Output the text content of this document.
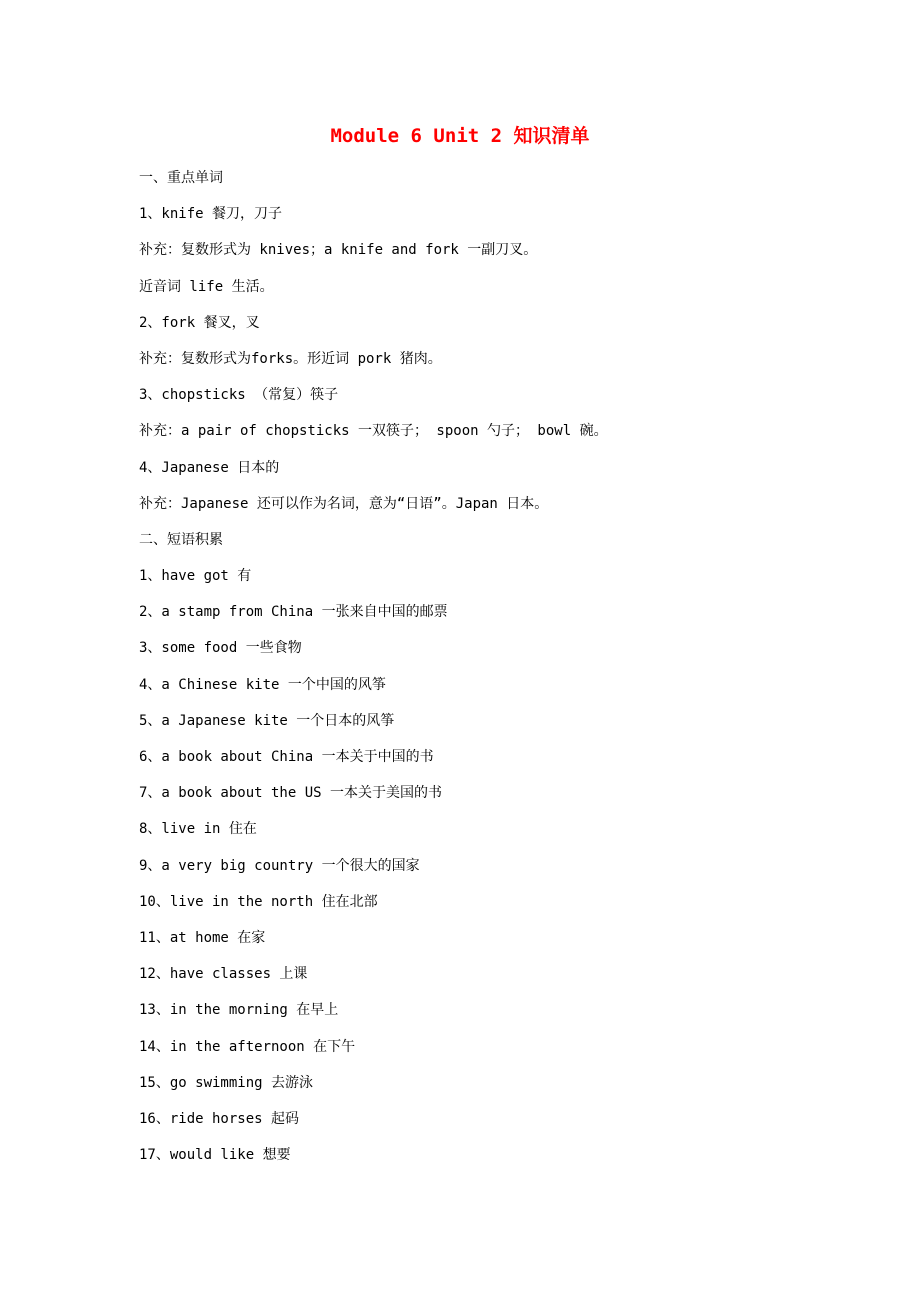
Module 6 Unit 2 知识清单
一、重点单词
1、knife 餐刀，刀子
补充：复数形式为 knives；a knife and fork 一副刀叉。
近音词 life 生活。
2、fork 餐叉，叉
补充：复数形式为forks。形近词 pork 猪肉。
3、chopsticks （常复）筷子
补充：a pair of chopsticks 一双筷子； spoon 勺子； bowl 碗。
4、Japanese 日本的
补充：Japanese 还可以作为名词，意为“日语”。Japan 日本。
二、短语积累
1、have got 有
2、a stamp from China 一张来自中国的邮票
3、some food 一些食物
4、a Chinese kite 一个中国的风筝
5、a Japanese kite 一个日本的风筝
6、a book about China 一本关于中国的书
7、a book about the US 一本关于美国的书
8、live in 住在
9、a very big country 一个很大的国家
10、live in the north 住在北部
11、at home 在家
12、have classes 上课
13、in the morning 在早上
14、in the afternoon 在下午
15、go swimming 去游泳
16、ride horses 起码
17、would like 想要
